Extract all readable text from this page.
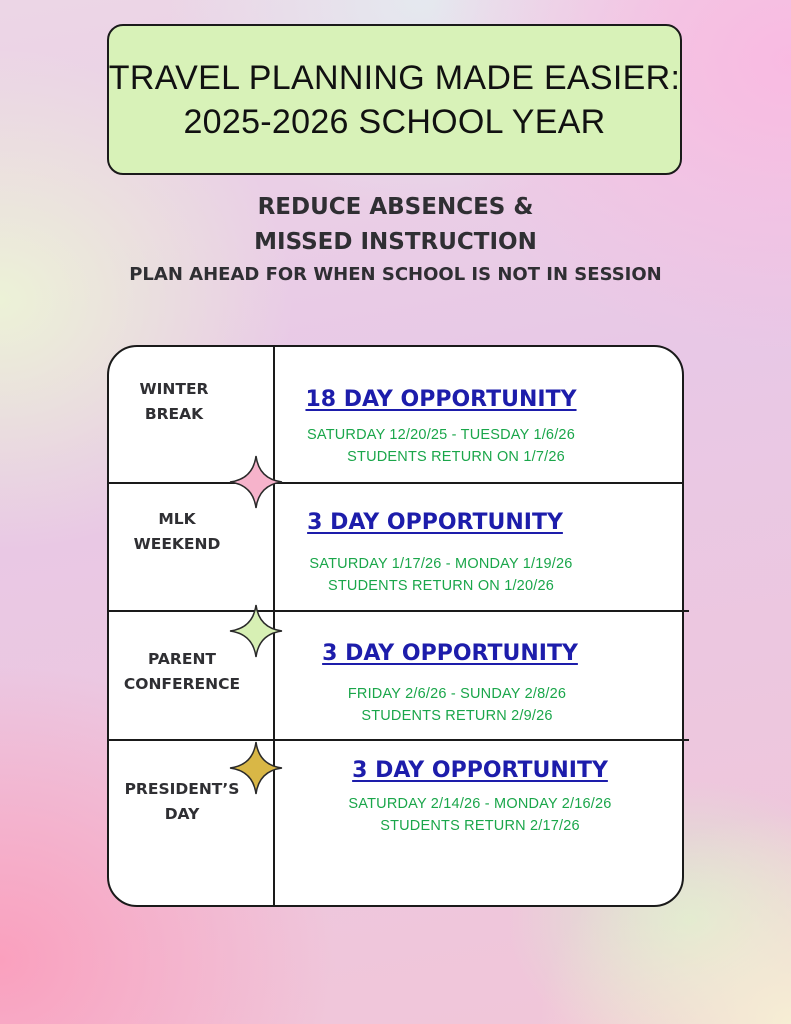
TRAVEL PLANNING MADE EASIER:
2025-2026 SCHOOL YEAR
REDUCE ABSENCES &
MISSED INSTRUCTION
PLAN AHEAD FOR WHEN SCHOOL IS NOT IN SESSION
WINTER
BREAK
18 DAY OPPORTUNITY
SATURDAY 12/20/25 - TUESDAY 1/6/26
STUDENTS RETURN ON 1/7/26
MLK
WEEKEND
3 DAY OPPORTUNITY
SATURDAY 1/17/26 - MONDAY 1/19/26
STUDENTS RETURN ON 1/20/26
PARENT
CONFERENCE
3 DAY OPPORTUNITY
FRIDAY 2/6/26 - SUNDAY 2/8/26
STUDENTS RETURN 2/9/26
PRESIDENT’S
DAY
3 DAY OPPORTUNITY
SATURDAY 2/14/26 - MONDAY 2/16/26
STUDENTS RETURN 2/17/26
